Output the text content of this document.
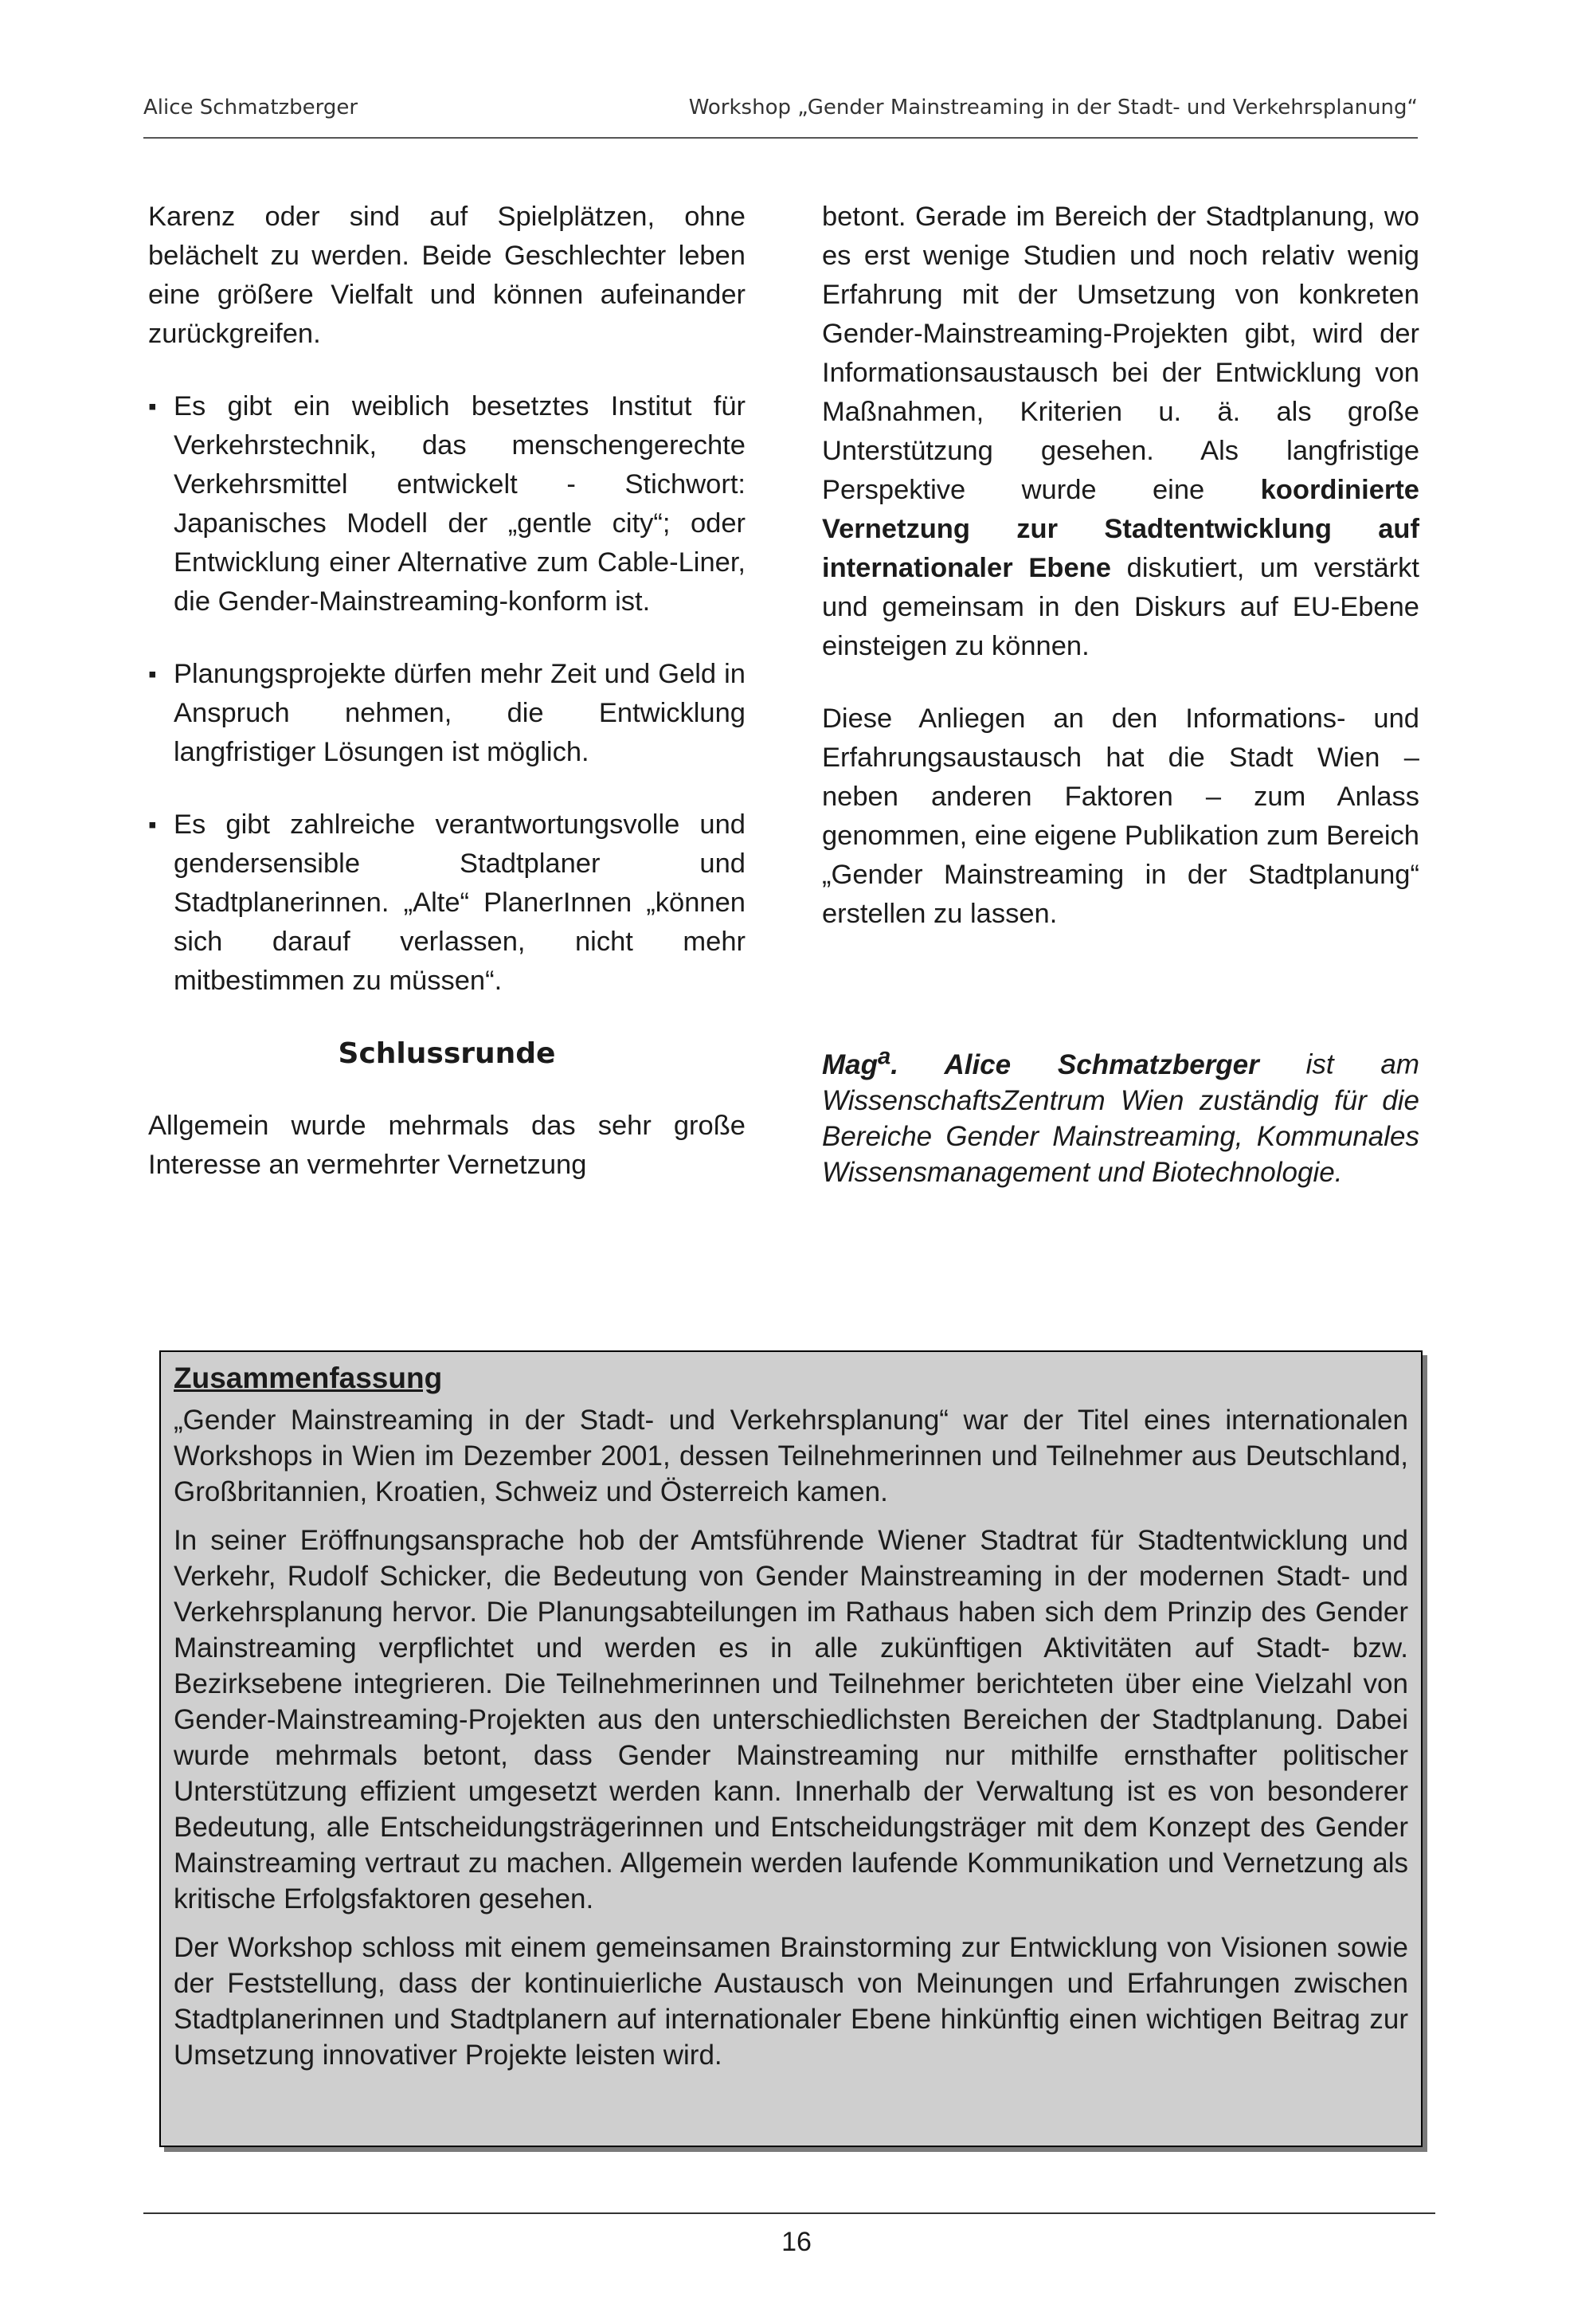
Alice Schmatzberger	Workshop „Gender Mainstreaming in der Stadt- und Verkehrsplanung“

Karenz oder sind auf Spielplätzen, ohne belächelt zu werden. Beide Geschlechter leben eine größere Vielfalt und können aufeinander zurückgreifen.

▪ Es gibt ein weiblich besetztes Institut für Verkehrstechnik, das menschengerechte Verkehrsmittel entwickelt - Stichwort: Japanisches Modell der „gentle city“; oder Entwicklung einer Alternative zum Cable-Liner, die Gender-Mainstreaming-konform ist.
▪ Planungsprojekte dürfen mehr Zeit und Geld in Anspruch nehmen, die Entwicklung langfristiger Lösungen ist möglich.
▪ Es gibt zahlreiche verantwortungsvolle und gendersensible Stadtplaner und Stadtplanerinnen. „Alte“ PlanerInnen „können sich darauf verlassen, nicht mehr mitbestimmen zu müssen“.
Schlussrunde

Allgemein wurde mehrmals das sehr große Interesse an vermehrter Vernetzung

betont. Gerade im Bereich der Stadtplanung, wo es erst wenige Studien und noch relativ wenig Erfahrung mit der Umsetzung von konkreten Gender-Mainstreaming-Projekten gibt, wird der Informationsaustausch bei der Entwicklung von Maßnahmen, Kriterien u. ä. als große Unterstützung gesehen. Als langfristige Perspektive wurde eine koordinierte Vernetzung zur Stadtentwicklung auf internationaler Ebene diskutiert, um verstärkt und gemeinsam in den Diskurs auf EU-Ebene einsteigen zu können.

Diese Anliegen an den Informations- und Erfahrungsaustausch hat die Stadt Wien – neben anderen Faktoren – zum Anlass genommen, eine eigene Publikation zum Bereich „Gender Mainstreaming in der Stadtplanung“ erstellen zu lassen.

Mag$^a$. Alice Schmatzberger ist am WissenschaftsZentrum Wien zuständig für die Bereiche Gender Mainstreaming, Kommunales Wissensmanagement und Biotechnologie.

Zusammenfassung

„Gender Mainstreaming in der Stadt- und Verkehrsplanung“ war der Titel eines internationalen Workshops in Wien im Dezember 2001, dessen Teilnehmerinnen und Teilnehmer aus Deutschland, Großbritannien, Kroatien, Schweiz und Österreich kamen.

In seiner Eröffnungsansprache hob der Amtsführende Wiener Stadtrat für Stadtentwicklung und Verkehr, Rudolf Schicker, die Bedeutung von Gender Mainstreaming in der modernen Stadt- und Verkehrsplanung hervor. Die Planungsabteilungen im Rathaus haben sich dem Prinzip des Gender Mainstreaming verpflichtet und werden es in alle zukünftigen Aktivitäten auf Stadt- bzw. Bezirksebene integrieren. Die Teilnehmerinnen und Teilnehmer berichteten über eine Vielzahl von Gender-Mainstreaming-Projekten aus den unterschiedlichsten Bereichen der Stadtplanung. Dabei wurde mehrmals betont, dass Gender Mainstreaming nur mithilfe ernsthafter politischer Unterstützung effizient umgesetzt werden kann. Innerhalb der Verwaltung ist es von besonderer Bedeutung, alle Entscheidungsträgerinnen und Entscheidungsträger mit dem Konzept des Gender Mainstreaming vertraut zu machen. Allgemein werden laufende Kommunikation und Vernetzung als kritische Erfolgsfaktoren gesehen.

Der Workshop schloss mit einem gemeinsamen Brainstorming zur Entwicklung von Visionen sowie der Feststellung, dass der kontinuierliche Austausch von Meinungen und Erfahrungen zwischen Stadtplanerinnen und Stadtplanern auf internationaler Ebene hinkünftig einen wichtigen Beitrag zur Umsetzung innovativer Projekte leisten wird.

16
